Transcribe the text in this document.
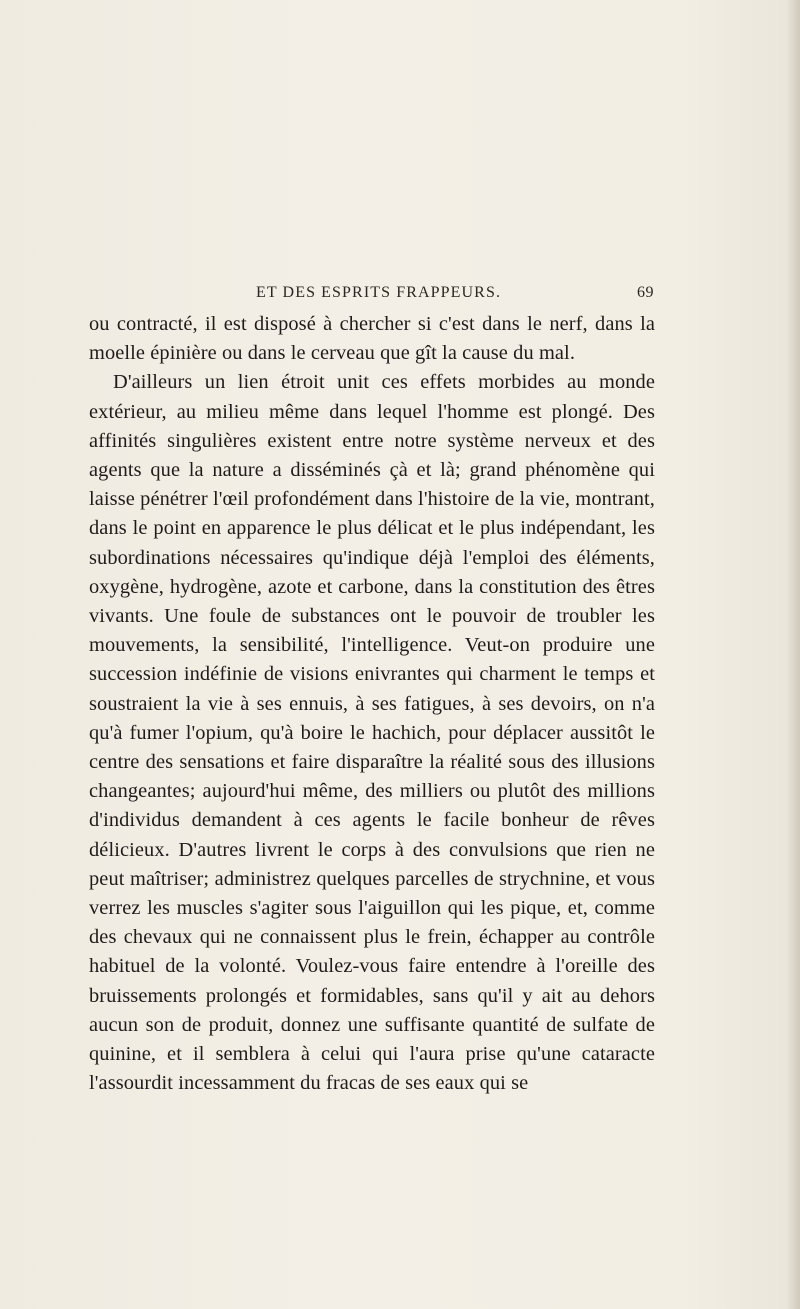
ET DES ESPRITS FRAPPEURS.	69

ou contracté, il est disposé à chercher si c'est dans le nerf, dans la moelle épinière ou dans le cerveau que gît la cause du mal.

D'ailleurs un lien étroit unit ces effets morbides au monde extérieur, au milieu même dans lequel l'homme est plongé. Des affinités singulières existent entre notre système nerveux et des agents que la nature a disséminés çà et là; grand phénomène qui laisse pénétrer l'œil profondément dans l'histoire de la vie, montrant, dans le point en apparence le plus délicat et le plus indépendant, les subordinations nécessaires qu'indique déjà l'emploi des éléments, oxygène, hydrogène, azote et carbone, dans la constitution des êtres vivants. Une foule de substances ont le pouvoir de troubler les mouvements, la sensibilité, l'intelligence. Veut-on produire une succession indéfinie de visions enivrantes qui charment le temps et soustraient la vie à ses ennuis, à ses fatigues, à ses devoirs, on n'a qu'à fumer l'opium, qu'à boire le hachich, pour déplacer aussitôt le centre des sensations et faire disparaître la réalité sous des illusions changeantes; aujourd'hui même, des milliers ou plutôt des millions d'individus demandent à ces agents le facile bonheur de rêves délicieux. D'autres livrent le corps à des convulsions que rien ne peut maîtriser; administrez quelques parcelles de strychnine, et vous verrez les muscles s'agiter sous l'aiguillon qui les pique, et, comme des chevaux qui ne connaissent plus le frein, échapper au contrôle habituel de la volonté. Voulez-vous faire entendre à l'oreille des bruissements prolongés et formidables, sans qu'il y ait au dehors aucun son de produit, donnez une suffisante quantité de sulfate de quinine, et il semblera à celui qui l'aura prise qu'une cataracte l'assourdit incessamment du fracas de ses eaux qui se
